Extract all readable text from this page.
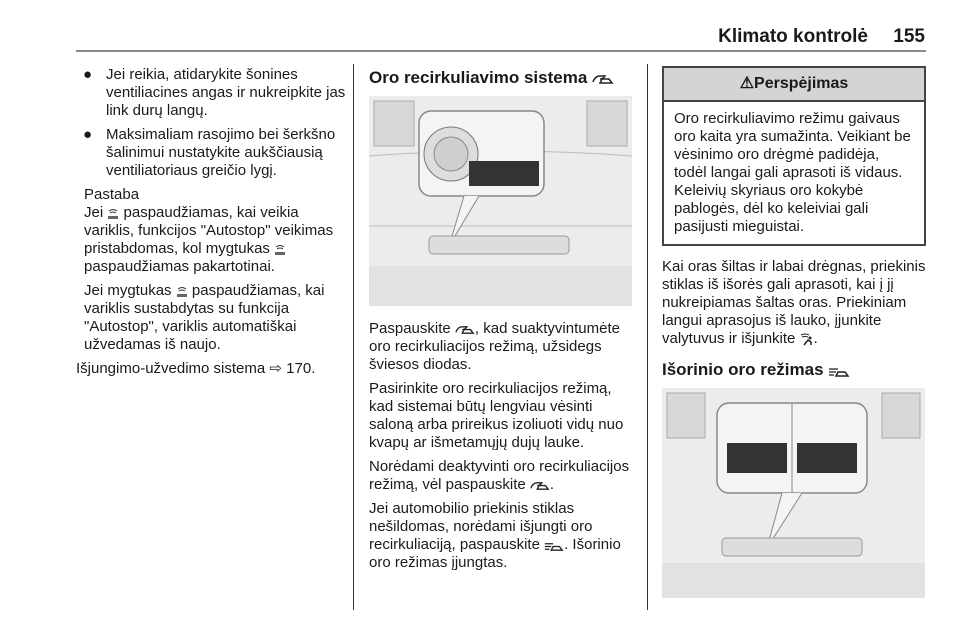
Klimato kontrolė 155
● Jei reikia, atidarykite šonines ventiliacines angas ir nukreipkite jas link durų langų.
● Maksimaliam rasojimo bei šerkšno šalinimui nustatykite aukščiausią ventiliatoriaus greičio lygį.
Pastaba

Jei paspaudžiamas, kai veikia variklis, funkcijos "Autostop" veikimas pristabdomas, kol mygtukas  paspaudžiamas pakartotinai.

Jei mygtukas paspaudžiamas, kai variklis sustabdytas su funkcija "Autostop", variklis automatiškai užvedamas iš naujo.

Išjungimo-užvedimo sistema ⇨ 170.

Oro recirkuliavimo sistema

Paspauskite , kad suaktyvintumėte oro recirkuliacijos režimą, užsidegs šviesos diodas.

Pasirinkite oro recirkuliacijos režimą, kad sistemai būtų lengviau vėsinti saloną arba prireikus izoliuoti vidų nuo kvapų ar išmetamųjų dujų lauke.

Norėdami deaktyvinti oro recirkuliacijos režimą, vėl paspauskite .

Jei automobilio priekinis stiklas nešildomas, norėdami išjungti oro recirkuliaciją, paspauskite . Išorinio oro režimas įjungtas.

⚠Perspėjimas
Oro recirkuliavimo režimu gaivaus oro kaita yra sumažinta. Veikiant be vėsinimo oro drėgmė padidėja, todėl langai gali aprasoti iš vidaus. Keleivių skyriaus oro kokybė pablogės, dėl ko keleiviai gali pasijusti mieguistai.

Kai oras šiltas ir labai drėgnas, priekinis stiklas iš išorės gali aprasoti, kai į jį nukreipiamas šaltas oras. Priekiniam langui aprasojus iš lauko, įjunkite valytuvus ir išjunkite .

Išorinio oro režimas
